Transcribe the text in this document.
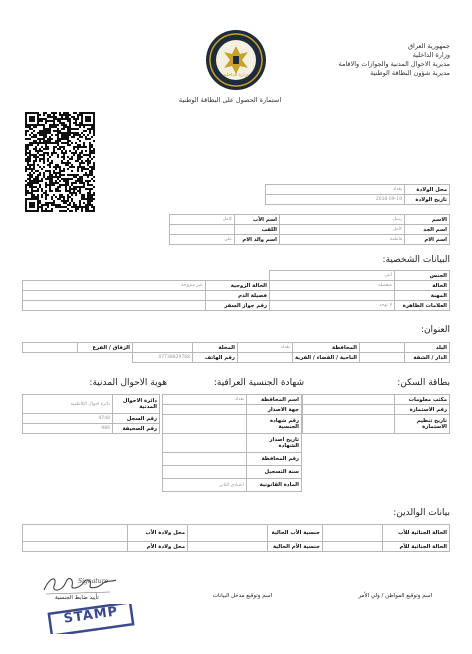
جمهورية العراق
وزارة الداخلية
مديرية الاحوال المدنية والجوازات والاقامة
مديرية شؤون البطاقة الوطنية
وزارة الداخلية
استمارة الحصول على البطاقة الوطنية
محل الولادة	بغداد
تاريخ الولادة	2018-09-19
الاسم	رسل	اسم الأب	كامل	
اسم الجد	كامل	اللقب		
اسم الام	فاطمة	اسم والد الام	علي	
البيانات الشخصية:
الجنس	أنثى		
الحالة	منفصلة	الحالة الزوجية	غير متزوجة
المهنة		فصيلة الدم	
العلامات الظاهرة	لا توجد	رقم جواز السفر	
العنوان:
البلد		المحافظة	بغداد	المحلة		الزقاق / الفرع	
الدار / الشقة		الناحية / القضاء / القرية		رقم الهاتف	07738829768		
بطاقة السكن:
شهادة الجنسية العراقية:
هوية الاحوال المدنية:
مكتب معلومات	
رقم الاستمارة	
تاريخ تنظيم الاستمارة	
اسم المحافظة	بغداد
جهة الاصدار	
رقم شهادة الجنسية	
تاريخ اصدار الشهادة	
رقم المحافظة	
سنة التسجيل	
المادة القانونية	اعتيادي الثاني
دائرة الاحوال المدنية	دائرة احوال الكاظمية
رقم السجل	4748
رقم الصحيفة	986
بيانات الوالدين:
الحالة الجنائية للأب		جنسية الأب الحالية		محل ولادة الأب	
الحالة الجنائية للأم		جنسية الأم الحالية		محل ولادة الأم	
اسم وتوقيع المواطن / ولي الأمر
اسم وتوقيع مدخل البيانات
Signature
تأييد ضابط الجنسية
STAMP
